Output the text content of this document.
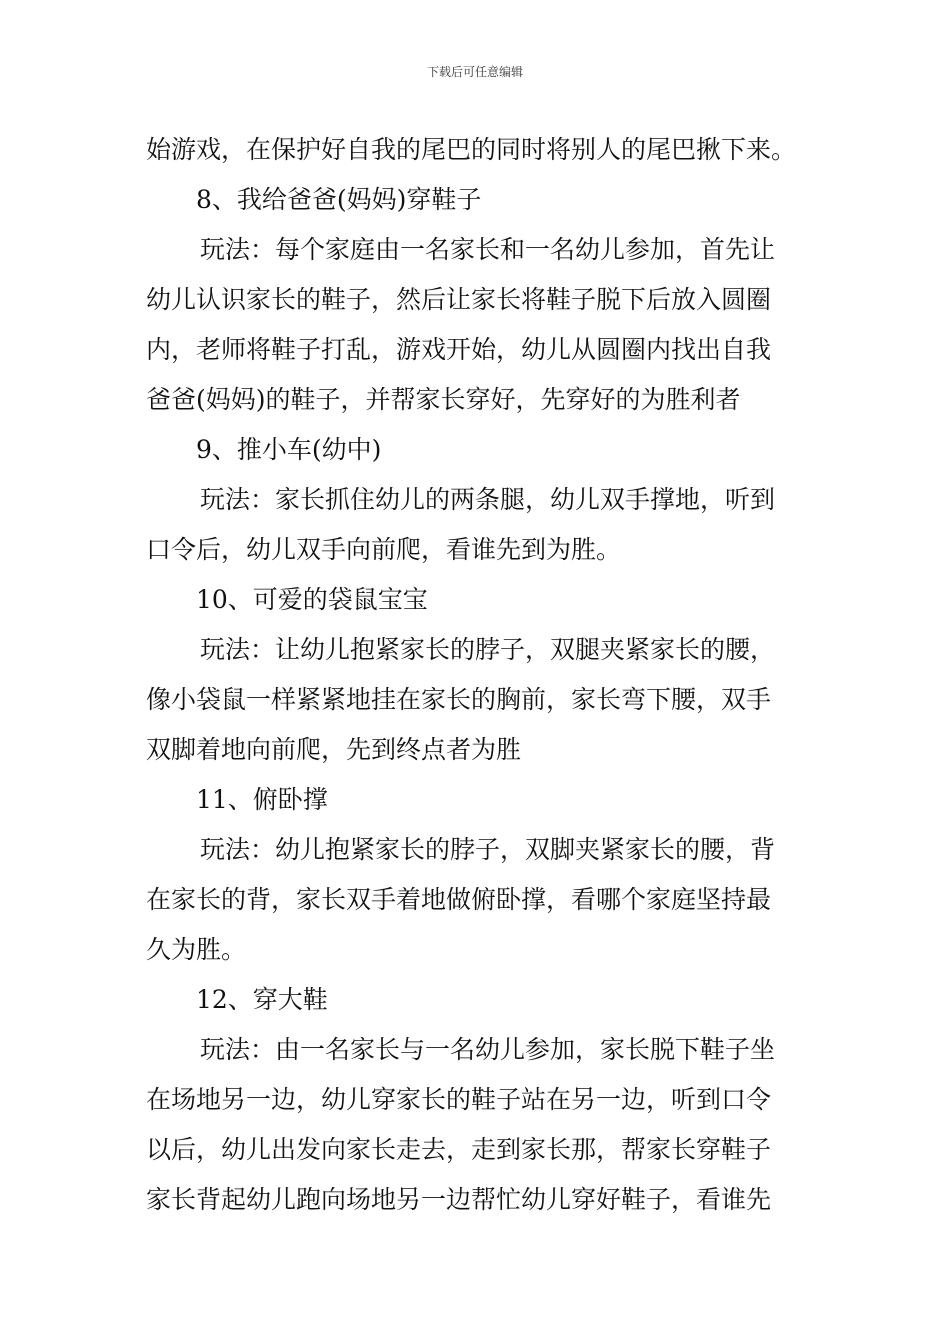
下载后可任意编辑
始游戏，在保护好自我的尾巴的同时将别人的尾巴揪下来。
8、我给爸爸(妈妈)穿鞋子
玩法：每个家庭由一名家长和一名幼儿参加，首先让
幼儿认识家长的鞋子，然后让家长将鞋子脱下后放入圆圈
内，老师将鞋子打乱，游戏开始，幼儿从圆圈内找出自我
爸爸(妈妈)的鞋子，并帮家长穿好，先穿好的为胜利者
9、推小车(幼中)
玩法：家长抓住幼儿的两条腿，幼儿双手撑地，听到
口令后，幼儿双手向前爬，看谁先到为胜。
10、可爱的袋鼠宝宝
玩法：让幼儿抱紧家长的脖子，双腿夹紧家长的腰，
像小袋鼠一样紧紧地挂在家长的胸前，家长弯下腰，双手
双脚着地向前爬，先到终点者为胜
11、俯卧撑
玩法：幼儿抱紧家长的脖子，双脚夹紧家长的腰，背
在家长的背，家长双手着地做俯卧撑，看哪个家庭坚持最
久为胜。
12、穿大鞋
玩法：由一名家长与一名幼儿参加，家长脱下鞋子坐
在场地另一边，幼儿穿家长的鞋子站在另一边，听到口令
以后，幼儿出发向家长走去，走到家长那，帮家长穿鞋子
家长背起幼儿跑向场地另一边帮忙幼儿穿好鞋子，看谁先
